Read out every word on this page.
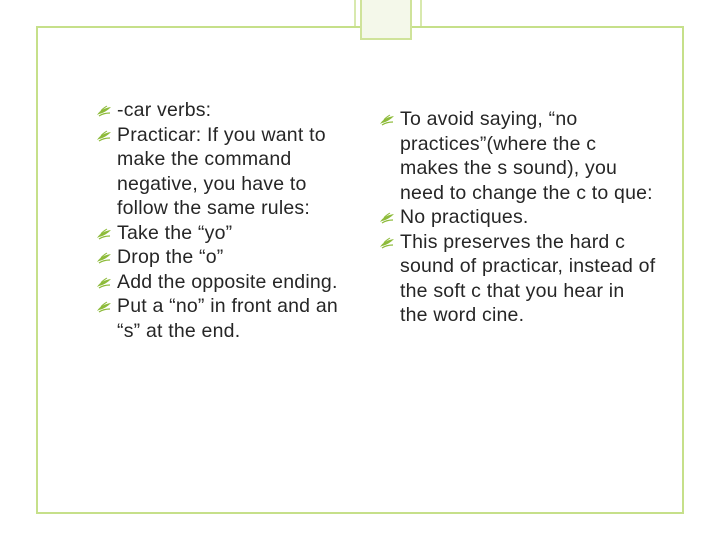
-car verbs:
Practicar: If you want to make the command negative, you have to follow the same rules:
Take the “yo”
Drop the “o”
Add the opposite ending.
Put a “no” in front and an “s” at the end.
To avoid saying, “no practices”(where the c makes the s sound), you need to change the c to que:
No practiques.
This preserves the hard c sound of practicar, instead of the soft c that you hear in the word cine.
